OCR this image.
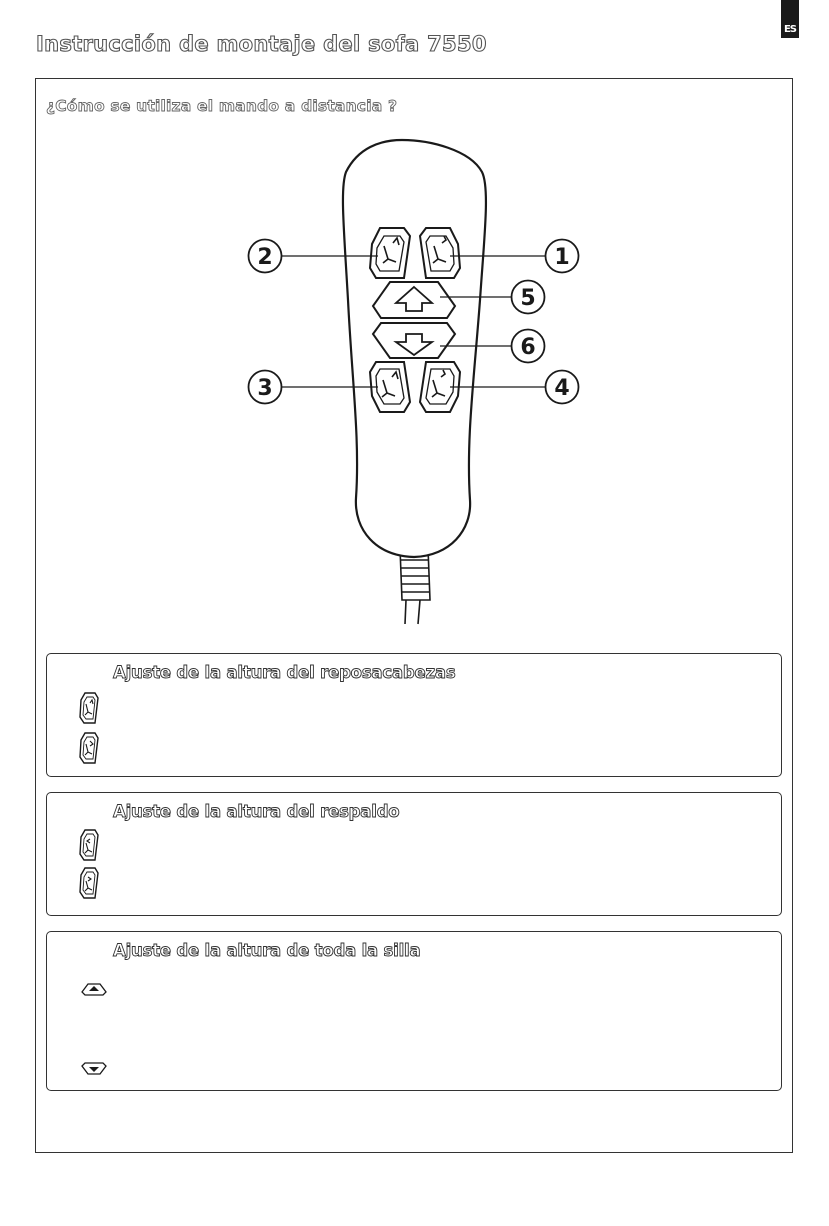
ES
Instrucción de montaje del sofa 7550
¿Cómo se utiliza el mando a distancia ?
1
2
3	4
5
6
Ajuste de la altura del reposacabezas
Ajuste de la altura del respaldo
Ajuste de la altura de toda la silla
